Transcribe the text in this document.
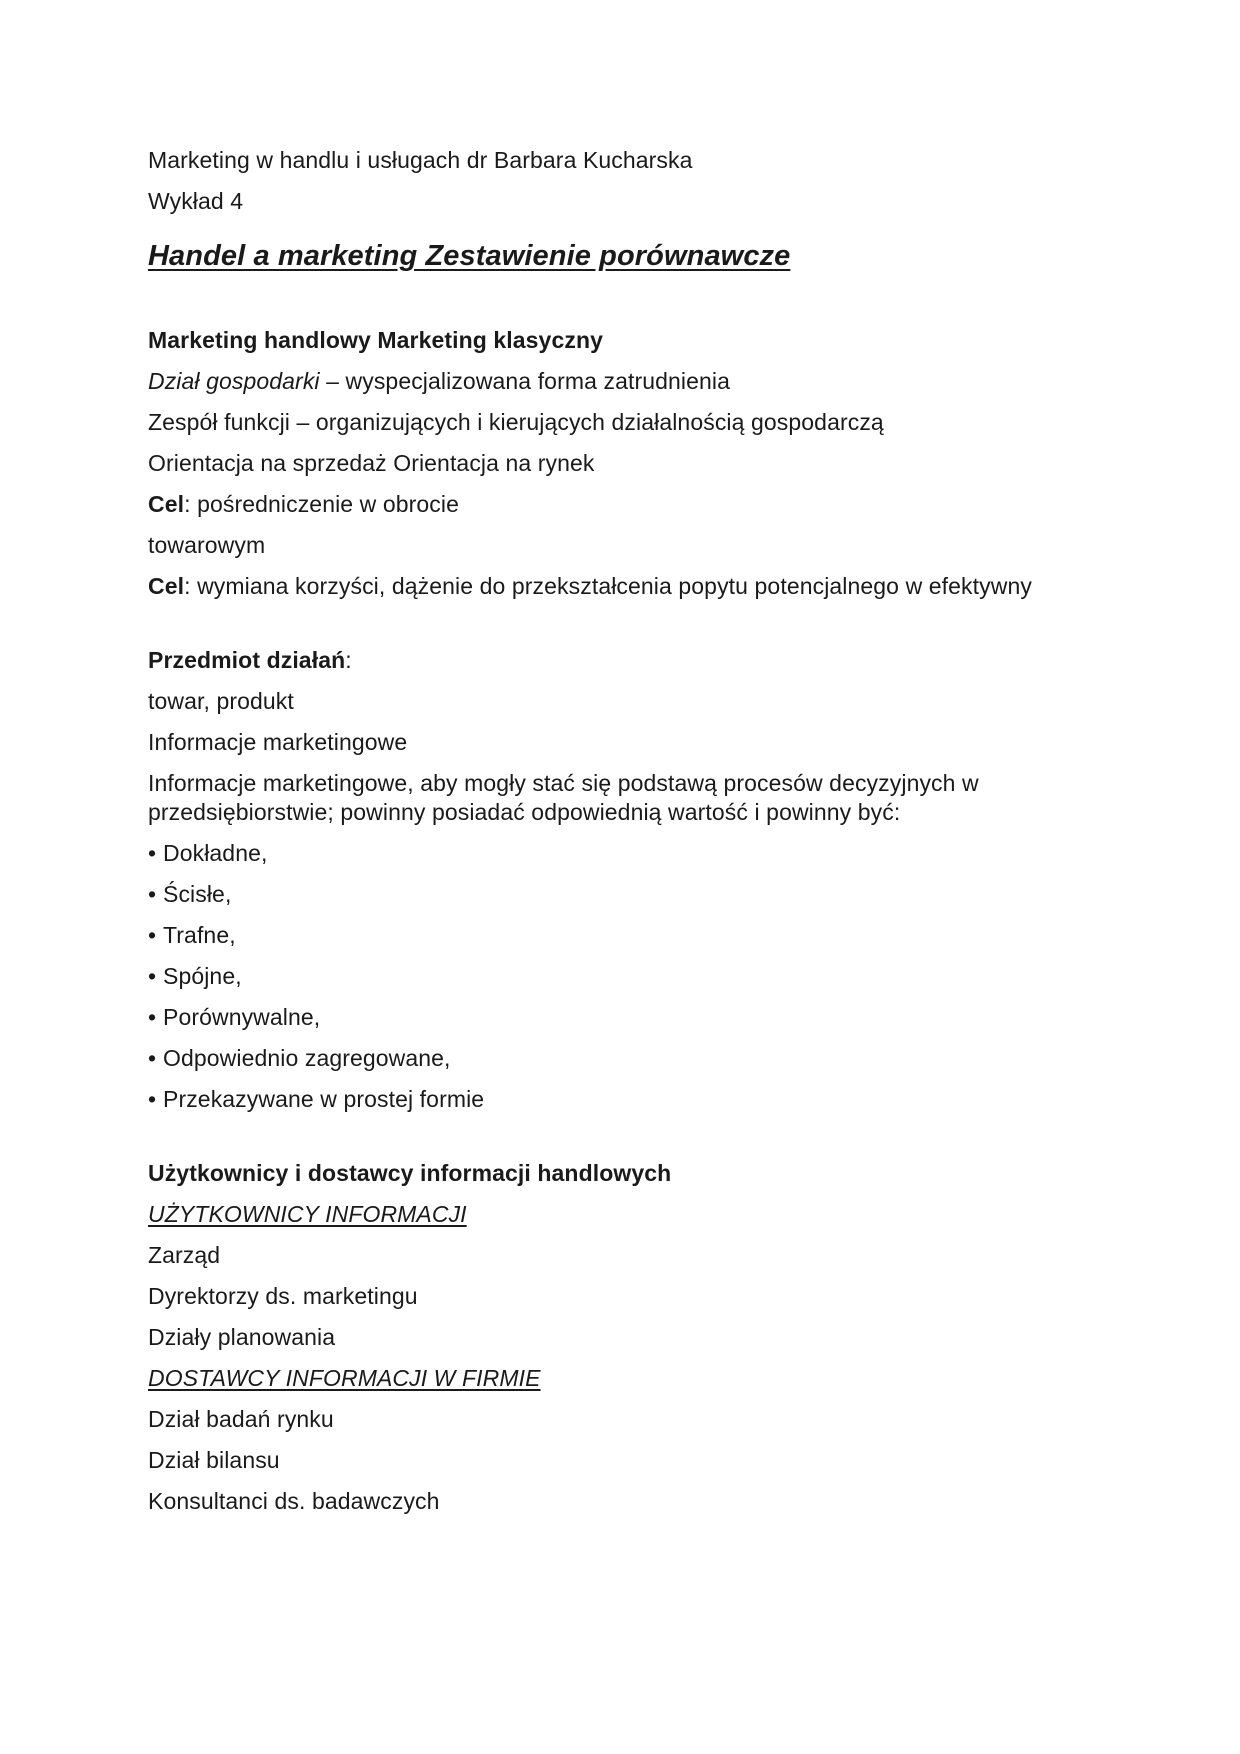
Marketing w handlu i usługach dr Barbara Kucharska

Wykład 4

Handel a marketing Zestawienie porównawcze

Marketing handlowy Marketing klasyczny

Dział gospodarki – wyspecjalizowana forma zatrudnienia

Zespół funkcji – organizujących i kierujących działalnością gospodarczą

Orientacja na sprzedaż Orientacja na rynek

Cel: pośredniczenie w obrocie

towarowym

Cel: wymiana korzyści, dążenie do przekształcenia popytu potencjalnego w efektywny

Przedmiot działań:

towar, produkt

Informacje marketingowe

Informacje marketingowe, aby mogły stać się podstawą procesów decyzyjnych w przedsiębiorstwie; powinny posiadać odpowiednią wartość i powinny być:

• Dokładne,

• Ścisłe,

• Trafne,

• Spójne,

• Porównywalne,

• Odpowiednio zagregowane,

• Przekazywane w prostej formie

Użytkownicy i dostawcy informacji handlowych

UŻYTKOWNICY INFORMACJI

Zarząd

Dyrektorzy ds. marketingu

Działy planowania

DOSTAWCY INFORMACJI W FIRMIE

Dział badań rynku

Dział bilansu

Konsultanci ds. badawczych
